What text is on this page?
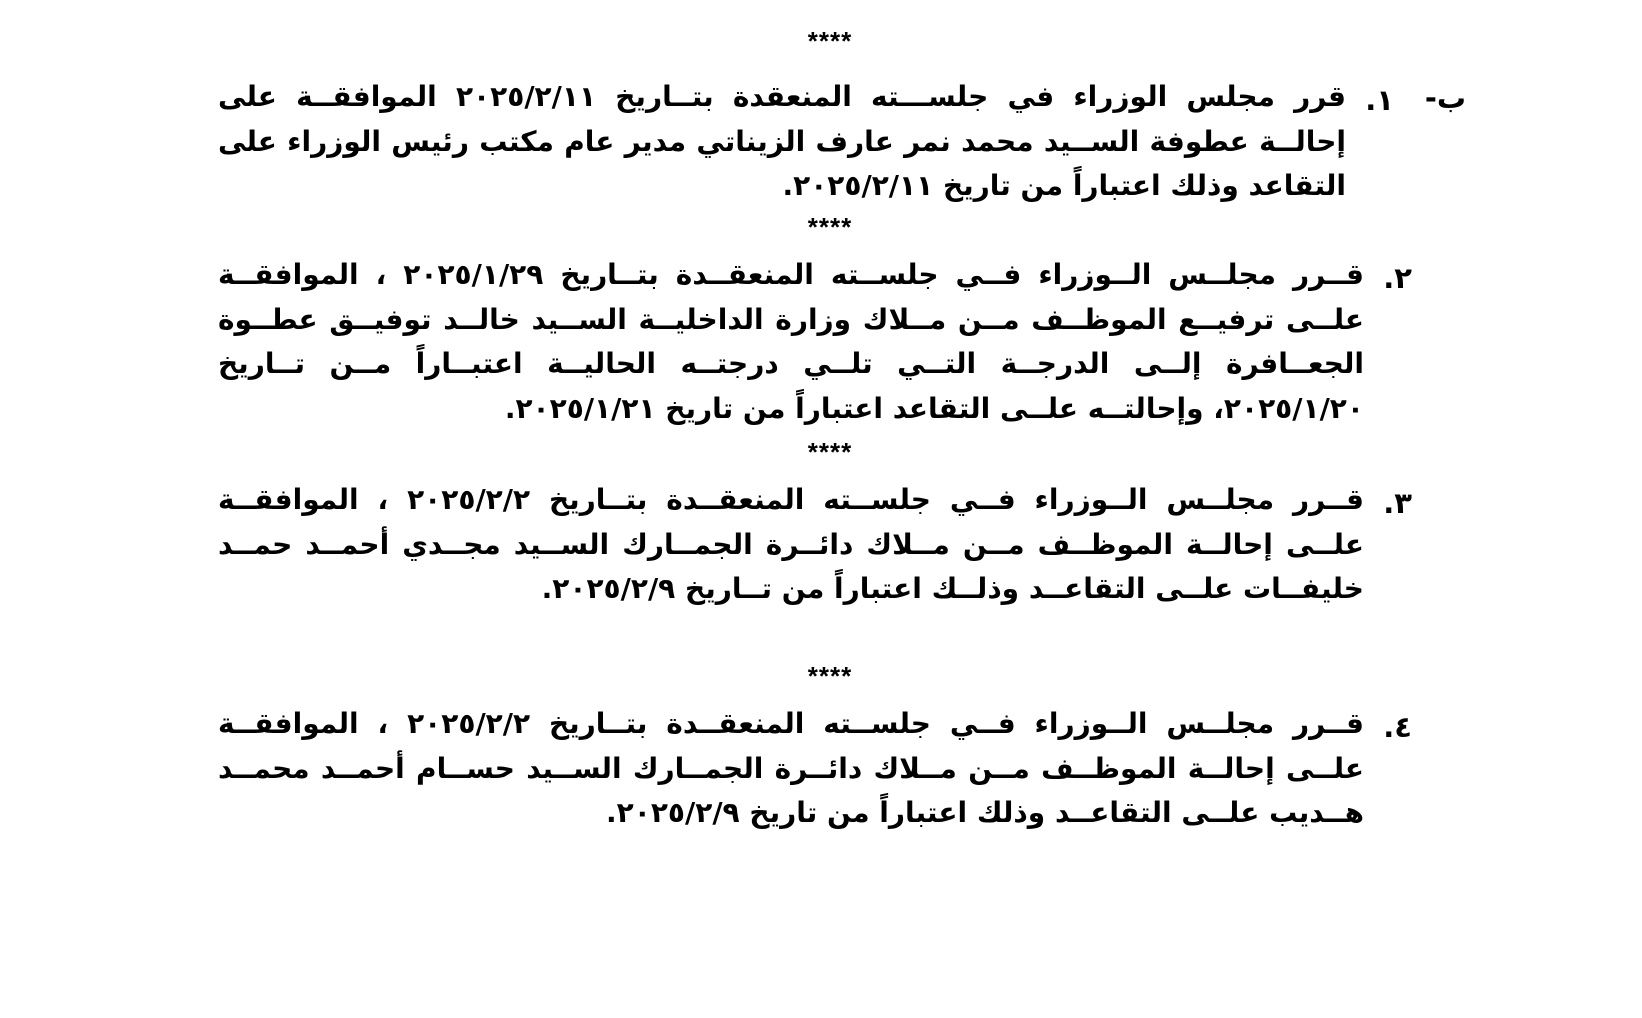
****
ب-
١.
قرر مجلس الوزراء في جلســـته المنعقدة بتــاريخ ٢٠٢٥/٢/١١ الموافقــة على إحالــة عطوفة الســيد محمد نمر عارف الزيناتي مدير عام مكتب رئيس الوزراء على التقاعد وذلك اعتباراً من تاريخ ٢٠٢٥/٢/١١.
****
٢.
قــرر مجلــس الــوزراء فــي جلســته المنعقــدة بتــاريخ ٢٠٢٥/١/٢٩ ، الموافقــة علــى ترفيــع الموظــف مــن مــلاك وزارة الداخليــة الســيد خالــد توفيــق عطــوة الجعــافرة إلــى الدرجــة التــي تلــي درجتــه الحاليــة اعتبــاراً مــن تــاريخ ٢٠٢٥/١/٢٠، وإحالتــه علــى التقاعد اعتباراً من تاريخ ٢٠٢٥/١/٢١.
****
٣.
قــرر مجلــس الــوزراء فــي جلســته المنعقــدة بتــاريخ ٢٠٢٥/٢/٢ ، الموافقــة علــى إحالــة الموظــف مــن مــلاك دائــرة الجمــارك الســيد مجــدي أحمــد حمــد خليفــات علــى التقاعــد وذلــك اعتباراً من تــاريخ ٢٠٢٥/٢/٩.
****
٤.
قــرر مجلــس الــوزراء فــي جلســته المنعقــدة بتــاريخ ٢٠٢٥/٢/٢ ، الموافقــة علــى إحالــة الموظــف مــن مــلاك دائــرة الجمــارك الســيد حســام أحمــد محمــد هــديب علــى التقاعــد وذلك اعتباراً من تاريخ ٢٠٢٥/٢/٩.
